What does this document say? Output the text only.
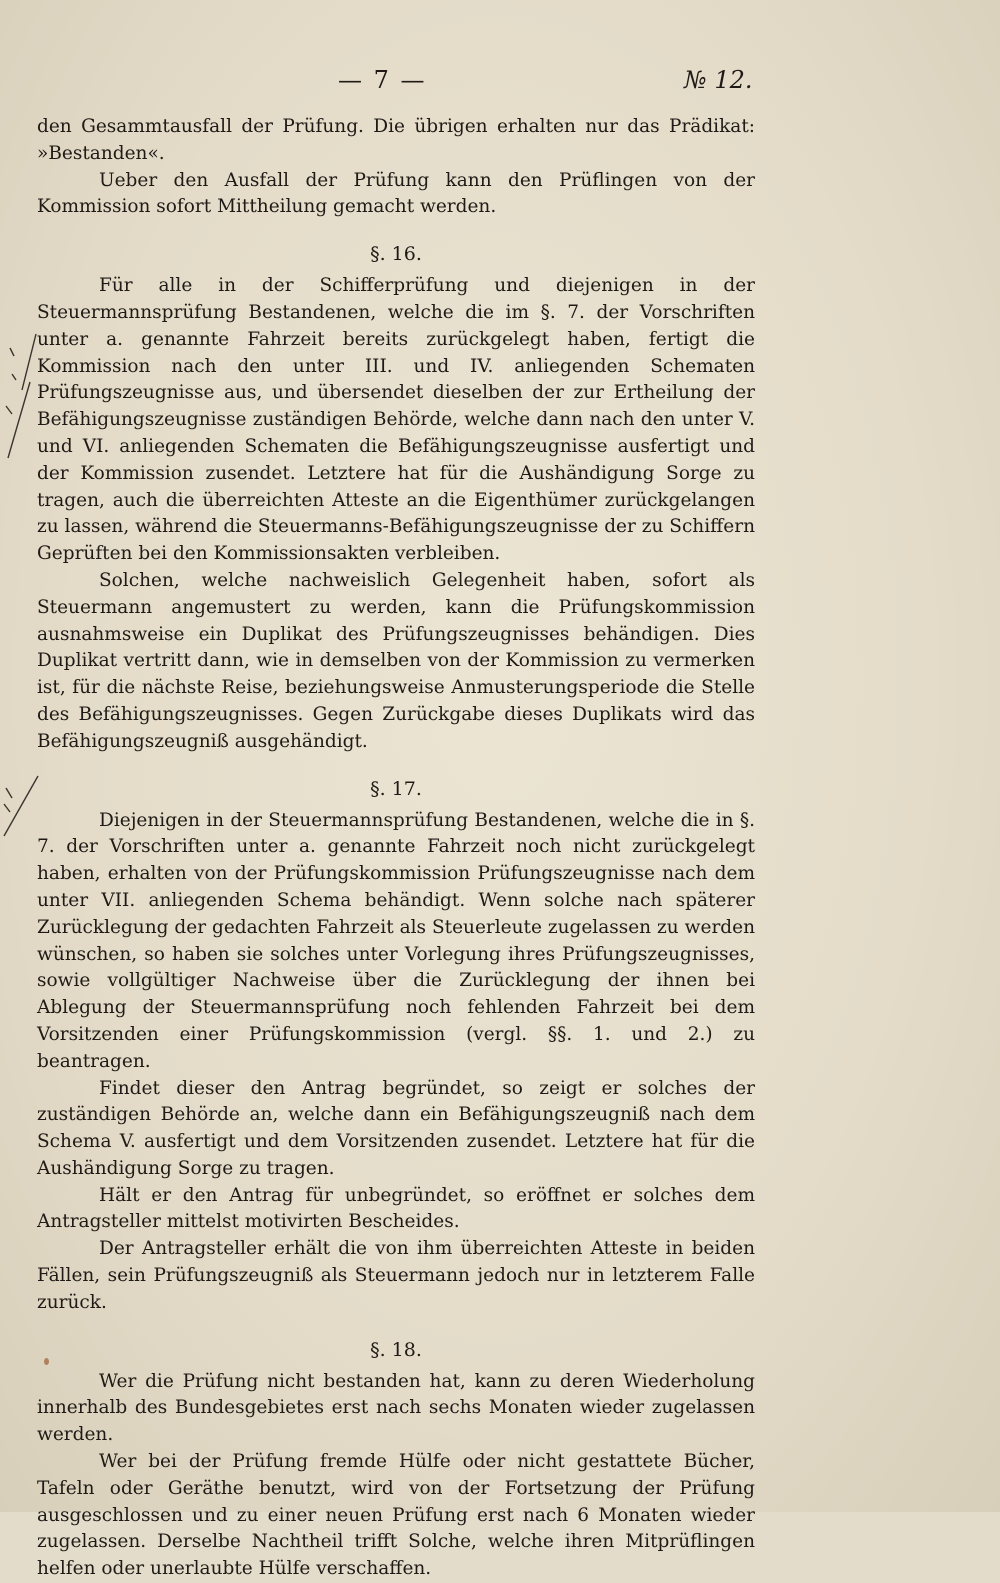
— 7 —	№ 12.

den Gesammtausfall der Prüfung. Die übrigen erhalten nur das Prädikat: »Bestanden«.

Ueber den Ausfall der Prüfung kann den Prüflingen von der Kommission sofort Mittheilung gemacht werden.

§. 16.

Für alle in der Schifferprüfung und diejenigen in der Steuermannsprüfung Bestandenen, welche die im §. 7. der Vorschriften unter a. genannte Fahrzeit bereits zurückgelegt haben, fertigt die Kommission nach den unter III. und IV. anliegenden Schematen Prüfungszeugnisse aus, und übersendet dieselben der zur Ertheilung der Befähigungszeugnisse zuständigen Behörde, welche dann nach den unter V. und VI. anliegenden Schematen die Befähigungszeugnisse ausfertigt und der Kommission zusendet. Letztere hat für die Aushändigung Sorge zu tragen, auch die überreichten Atteste an die Eigenthümer zurückgelangen zu lassen, während die Steuermanns-Befähigungszeugnisse der zu Schiffern Geprüften bei den Kommissionsakten verbleiben.

Solchen, welche nachweislich Gelegenheit haben, sofort als Steuermann angemustert zu werden, kann die Prüfungskommission ausnahmsweise ein Duplikat des Prüfungszeugnisses behändigen. Dies Duplikat vertritt dann, wie in demselben von der Kommission zu vermerken ist, für die nächste Reise, beziehungsweise Anmusterungsperiode die Stelle des Befähigungszeugnisses. Gegen Zurückgabe dieses Duplikats wird das Befähigungszeugniß ausgehändigt.

§. 17.

Diejenigen in der Steuermannsprüfung Bestandenen, welche die in §. 7. der Vorschriften unter a. genannte Fahrzeit noch nicht zurückgelegt haben, erhalten von der Prüfungskommission Prüfungszeugnisse nach dem unter VII. anliegenden Schema behändigt. Wenn solche nach späterer Zurücklegung der gedachten Fahrzeit als Steuerleute zugelassen zu werden wünschen, so haben sie solches unter Vorlegung ihres Prüfungszeugnisses, sowie vollgültiger Nachweise über die Zurücklegung der ihnen bei Ablegung der Steuermannsprüfung noch fehlenden Fahrzeit bei dem Vorsitzenden einer Prüfungskommission (vergl. §§. 1. und 2.) zu beantragen.

Findet dieser den Antrag begründet, so zeigt er solches der zuständigen Behörde an, welche dann ein Befähigungszeugniß nach dem Schema V. ausfertigt und dem Vorsitzenden zusendet. Letztere hat für die Aushändigung Sorge zu tragen.

Hält er den Antrag für unbegründet, so eröffnet er solches dem Antragsteller mittelst motivirten Bescheides.

Der Antragsteller erhält die von ihm überreichten Atteste in beiden Fällen, sein Prüfungszeugniß als Steuermann jedoch nur in letzterem Falle zurück.

§. 18.

Wer die Prüfung nicht bestanden hat, kann zu deren Wiederholung innerhalb des Bundesgebietes erst nach sechs Monaten wieder zugelassen werden.

Wer bei der Prüfung fremde Hülfe oder nicht gestattete Bücher, Tafeln oder Geräthe benutzt, wird von der Fortsetzung der Prüfung ausgeschlossen und zu einer neuen Prüfung erst nach 6 Monaten wieder zugelassen. Derselbe Nachtheil trifft Solche, welche ihren Mitprüflingen helfen oder unerlaubte Hülfe verschaffen.
